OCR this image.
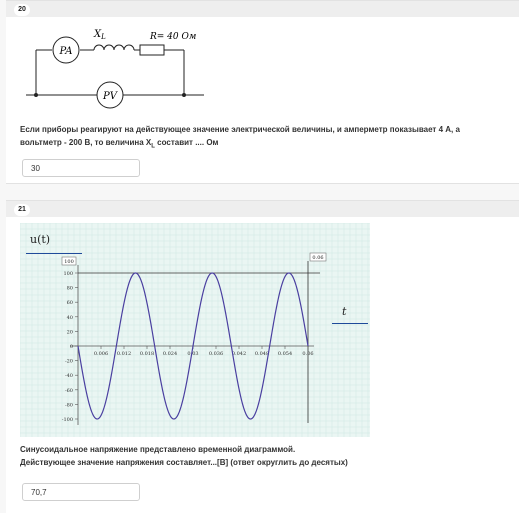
20
PA
$X_L$	R= 40 Ом
PV
Если приборы реагируют на действующее значение электрической величины, и амперметр показывает 4 А, а
вольтметр - 200 В, то величина $X_L$ составит .... Ом
30
21
100
80
60
40
20
0
-20
-40
-60
-80
-100
0.006 0.012 0.018 0.024 0.03 0.036 0.042 0.048 0.054 0.06
100
0.06
u(t)
t
Синусоидальное напряжение представлено временной диаграммой.
Действующее значение напряжения составляет...[В] (ответ округлить до десятых)
70,7
